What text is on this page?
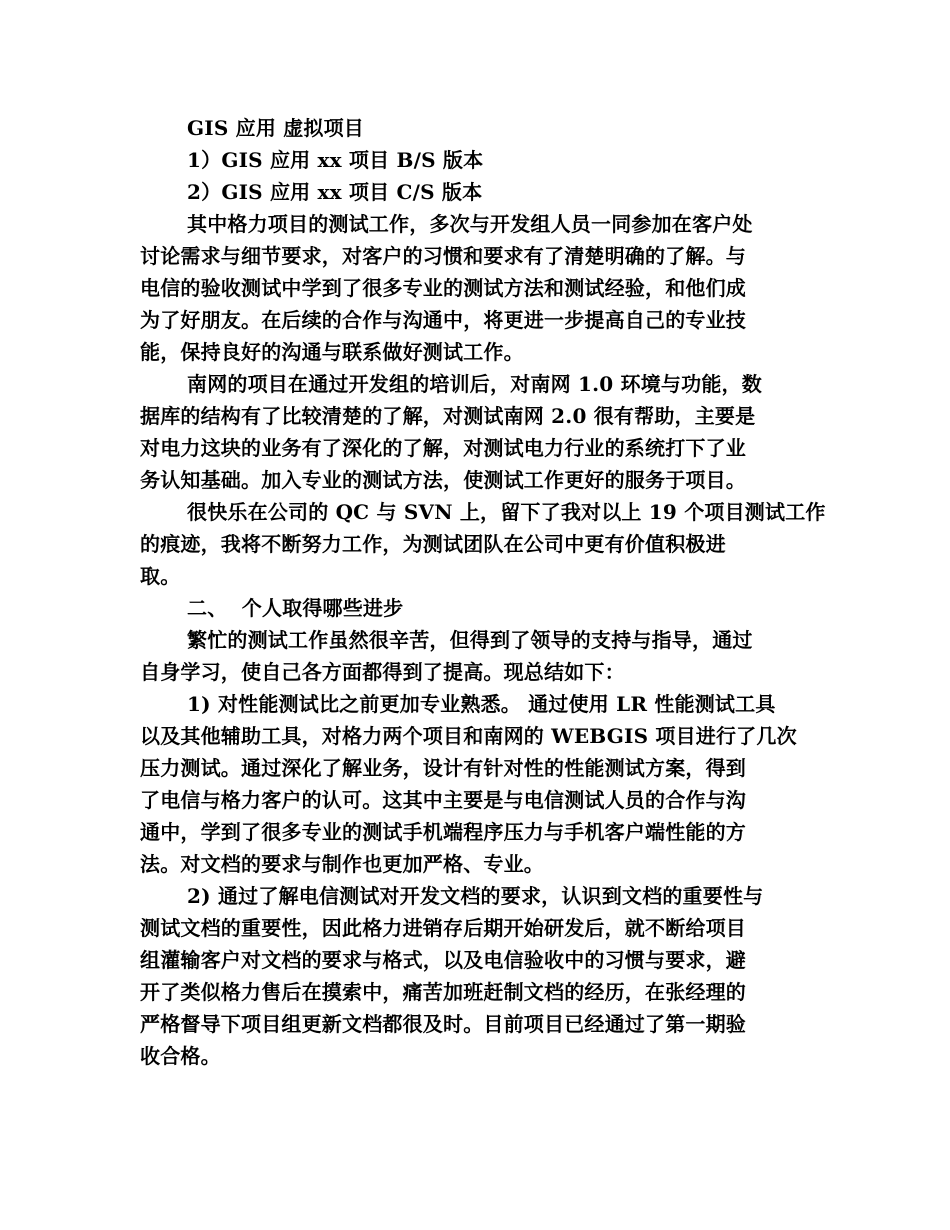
GIS 应用 虚拟项目
1）GIS 应用 xx 项目 B/S 版本
2）GIS 应用 xx 项目 C/S 版本
其中格力项目的测试工作，多次与开发组人员一同参加在客户处
讨论需求与细节要求，对客户的习惯和要求有了清楚明确的了解。与
电信的验收测试中学到了很多专业的测试方法和测试经验，和他们成
为了好朋友。在后续的合作与沟通中，将更进一步提高自己的专业技
能，保持良好的沟通与联系做好测试工作。
南网的项目在通过开发组的培训后，对南网 1.0 环境与功能，数
据库的结构有了比较清楚的了解，对测试南网 2.0 很有帮助，主要是
对电力这块的业务有了深化的了解，对测试电力行业的系统打下了业
务认知基础。加入专业的测试方法，使测试工作更好的服务于项目。
很快乐在公司的 QC 与 SVN 上，留下了我对以上 19 个项目测试工作
的痕迹，我将不断努力工作，为测试团队在公司中更有价值积极进
取。
二、  个人取得哪些进步
繁忙的测试工作虽然很辛苦，但得到了领导的支持与指导，通过
自身学习，使自己各方面都得到了提高。现总结如下：
1) 对性能测试比之前更加专业熟悉。 通过使用 LR 性能测试工具
以及其他辅助工具，对格力两个项目和南网的 WEBGIS 项目进行了几次
压力测试。通过深化了解业务，设计有针对性的性能测试方案，得到
了电信与格力客户的认可。这其中主要是与电信测试人员的合作与沟
通中，学到了很多专业的测试手机端程序压力与手机客户端性能的方
法。对文档的要求与制作也更加严格、专业。
2) 通过了解电信测试对开发文档的要求，认识到文档的重要性与
测试文档的重要性，因此格力进销存后期开始研发后，就不断给项目
组灌输客户对文档的要求与格式，以及电信验收中的习惯与要求，避
开了类似格力售后在摸索中，痛苦加班赶制文档的经历，在张经理的
严格督导下项目组更新文档都很及时。目前项目已经通过了第一期验
收合格。
